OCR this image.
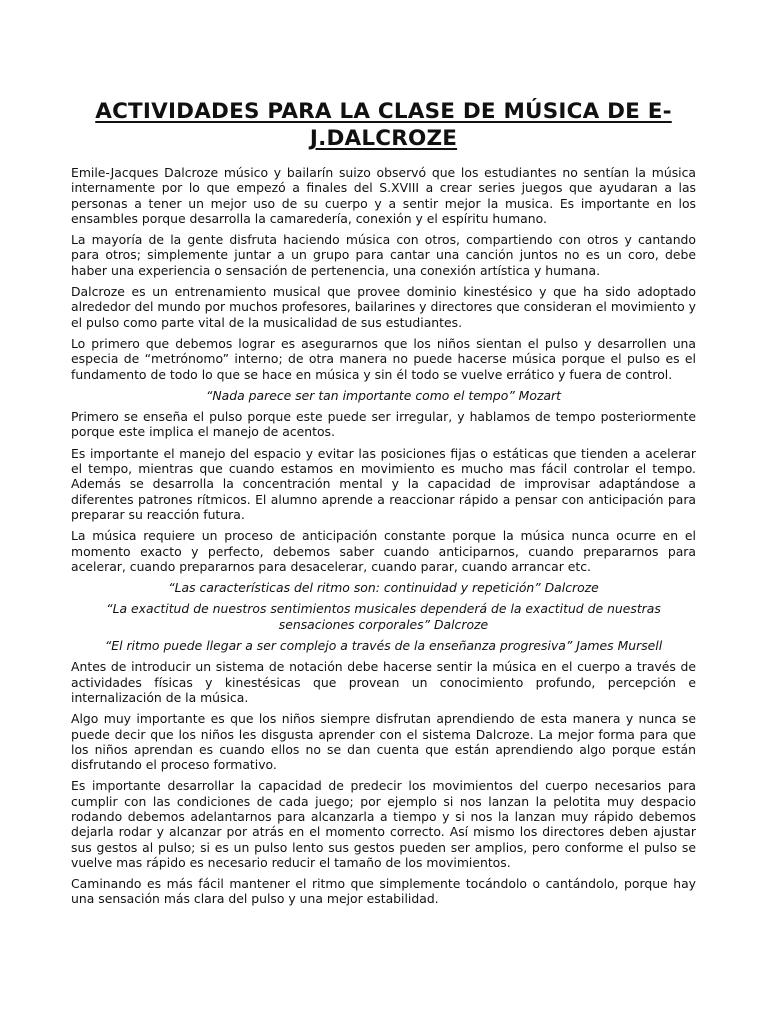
ACTIVIDADES PARA LA CLASE DE MÚSICA DE E-J.DALCROZE

Emile-Jacques Dalcroze músico y bailarín suizo observó que los estudiantes no sentían la música internamente por lo que empezó a finales del S.XVIII a crear series juegos que ayudaran a las personas a tener un mejor uso de su cuerpo y a sentir mejor la musica. Es importante en los ensambles porque desarrolla la camaredería, conexión y el espíritu humano.

La mayoría de la gente disfruta haciendo música con otros, compartiendo con otros y cantando para otros; simplemente juntar a un grupo para cantar una canción juntos no es un coro, debe haber una experiencia o sensación de pertenencia, una conexión artística y humana.

Dalcroze es un entrenamiento musical que provee dominio kinestésico y que ha sido adoptado alrededor del mundo por muchos profesores, bailarines y directores que consideran el movimiento y el pulso como parte vital de la musicalidad de sus estudiantes.

Lo primero que debemos lograr es asegurarnos que los niños sientan el pulso y desarrollen una especia de “metrónomo” interno; de otra manera no puede hacerse música porque el pulso es el fundamento de todo lo que se hace en música y sin él todo se vuelve errático y fuera de control.

“Nada parece ser tan importante como el tempo” Mozart

Primero se enseña el pulso porque este puede ser irregular, y hablamos de tempo posteriormente porque este implica el manejo de acentos.

Es importante el manejo del espacio y evitar las posiciones fijas o estáticas que tienden a acelerar el tempo, mientras que cuando estamos en movimiento es mucho mas fácil controlar el tempo. Además se desarrolla la concentración mental y la capacidad de improvisar adaptándose a diferentes patrones rítmicos. El alumno aprende a reaccionar rápido a pensar con anticipación para preparar su reacción futura.

La música requiere un proceso de anticipación constante porque la música nunca ocurre en el momento exacto y perfecto, debemos saber cuando anticiparnos, cuando prepararnos para acelerar, cuando prepararnos para desacelerar, cuando parar, cuando arrancar etc.

“Las características del ritmo son: continuidad y repetición” Dalcroze

“La exactitud de nuestros sentimientos musicales dependerá de la exactitud de nuestras sensaciones corporales” Dalcroze

“El ritmo puede llegar a ser complejo a través de la enseñanza progresiva” James Mursell

Antes de introducir un sistema de notación debe hacerse sentir la música en el cuerpo a través de actividades físicas y kinestésicas que provean un conocimiento profundo, percepción e internalización de la música.

Algo muy importante es que los niños siempre disfrutan aprendiendo de esta manera y nunca se puede decir que los niños les disgusta aprender con el sistema Dalcroze. La mejor forma para que los niños aprendan es cuando ellos no se dan cuenta que están aprendiendo algo porque están disfrutando el proceso formativo.

Es importante desarrollar la capacidad de predecir los movimientos del cuerpo necesarios para cumplir con las condiciones de cada juego; por ejemplo si nos lanzan la pelotita muy despacio rodando debemos adelantarnos para alcanzarla a tiempo y si nos la lanzan muy rápido debemos dejarla rodar y alcanzar por atrás en el momento correcto. Así mismo los directores deben ajustar sus gestos al pulso; si es un pulso lento sus gestos pueden ser amplios, pero conforme el pulso se vuelve mas rápido es necesario reducir el tamaño de los movimientos.

Caminando es más fácil mantener el ritmo que simplemente tocándolo o cantándolo, porque hay una sensación más clara del pulso y una mejor estabilidad.
